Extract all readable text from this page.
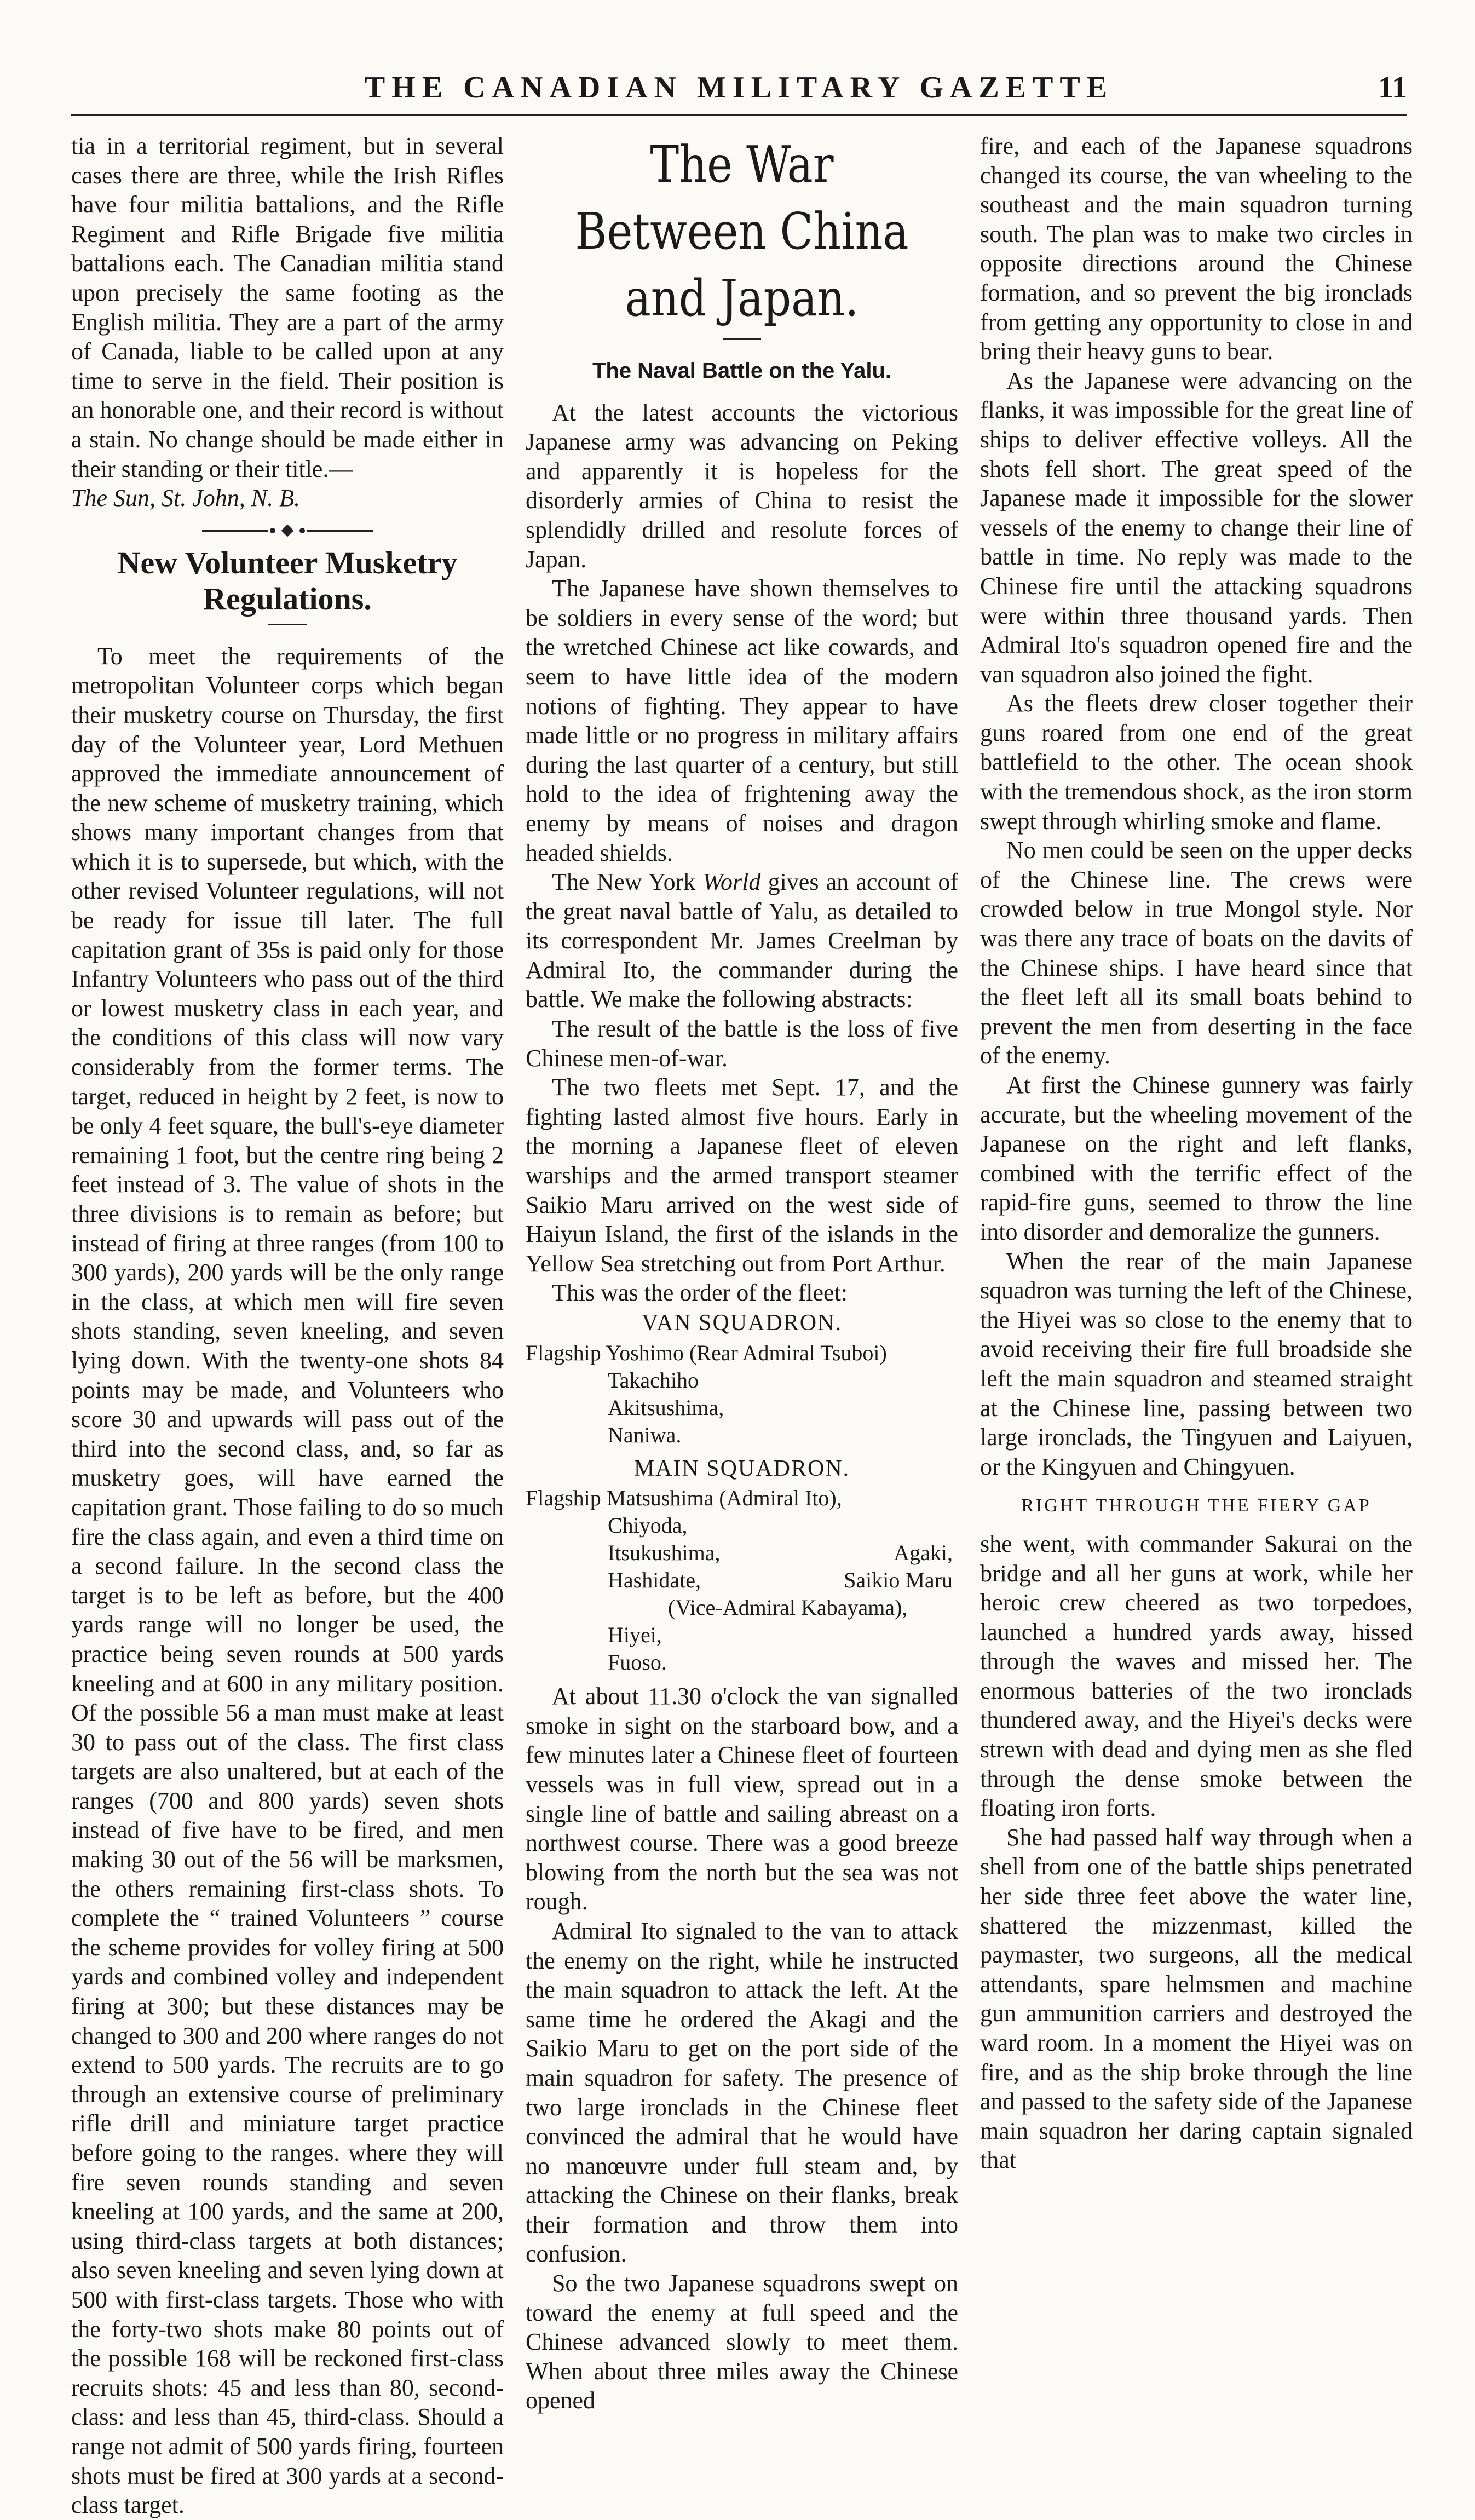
THE CANADIAN MILITARY GAZETTE	11

tia in a territorial regiment, but in several cases there are three, while the Irish Rifles have four militia battalions, and the Rifle Regiment and Rifle Brigade five militia battalions each. The Canadian militia stand upon precisely the same footing as the English militia. They are a part of the army of Canada, liable to be called upon at any time to serve in the field. Their position is an honorable one, and their record is without a stain. No change should be made either in their standing or their title.—

The Sun, St. John, N. B.

New Volunteer Musketry Regulations.

To meet the requirements of the metropolitan Volunteer corps which began their musketry course on Thursday, the first day of the Volunteer year, Lord Methuen approved the immediate announcement of the new scheme of musketry training, which shows many important changes from that which it is to supersede, but which, with the other revised Volunteer regulations, will not be ready for issue till later. The full capitation grant of 35s is paid only for those Infantry Volunteers who pass out of the third or lowest musketry class in each year, and the conditions of this class will now vary considerably from the former terms. The target, reduced in height by 2 feet, is now to be only 4 feet square, the bull's-eye diameter remaining 1 foot, but the centre ring being 2 feet instead of 3. The value of shots in the three divisions is to remain as before; but instead of firing at three ranges (from 100 to 300 yards), 200 yards will be the only range in the class, at which men will fire seven shots standing, seven kneeling, and seven lying down. With the twenty-one shots 84 points may be made, and Volunteers who score 30 and upwards will pass out of the third into the second class, and, so far as musketry goes, will have earned the capitation grant. Those failing to do so much fire the class again, and even a third time on a second failure. In the second class the target is to be left as before, but the 400 yards range will no longer be used, the practice being seven rounds at 500 yards kneeling and at 600 in any military position. Of the possible 56 a man must make at least 30 to pass out of the class. The first class targets are also unaltered, but at each of the ranges (700 and 800 yards) seven shots instead of five have to be fired, and men making 30 out of the 56 will be marksmen, the others remaining first-class shots. To complete the “ trained Volunteers ” course the scheme provides for volley firing at 500 yards and combined volley and independent firing at 300; but these distances may be changed to 300 and 200 where ranges do not extend to 500 yards. The recruits are to go through an extensive course of preliminary rifle drill and miniature target practice before going to the ranges. where they will fire seven rounds standing and seven kneeling at 100 yards, and the same at 200, using third-class targets at both distances; also seven kneeling and seven lying down at 500 with first-class targets. Those who with the forty-two shots make 80 points out of the possible 168 will be reckoned first-class recruits shots: 45 and less than 80, second-class: and less than 45, third-class. Should a range not admit of 500 yards firing, fourteen shots must be fired at 300 yards at a second-class target.

The War Between China and Japan.
The Naval Battle on the Yalu.

At the latest accounts the victorious Japanese army was advancing on Peking and apparently it is hopeless for the disorderly armies of China to resist the splendidly drilled and resolute forces of Japan.

The Japanese have shown themselves to be soldiers in every sense of the word; but the wretched Chinese act like cowards, and seem to have little idea of the modern notions of fighting. They appear to have made little or no progress in military affairs during the last quarter of a century, but still hold to the idea of frightening away the enemy by means of noises and dragon headed shields.

The New York World gives an account of the great naval battle of Yalu, as detailed to its correspondent Mr. James Creelman by Admiral Ito, the commander during the battle. We make the following abstracts:

The result of the battle is the loss of five Chinese men-of-war.

The two fleets met Sept. 17, and the fighting lasted almost five hours. Early in the morning a Japanese fleet of eleven warships and the armed transport steamer Saikio Maru arrived on the west side of Haiyun Island, the first of the islands in the Yellow Sea stretching out from Port Arthur.

This was the order of the fleet:

VAN SQUADRON.
Flagship Yoshimo (Rear Admiral Tsuboi)
Takachiho
Akitsushima,
Naniwa.
MAIN SQUADRON.
Flagship Matsushima (Admiral Ito),
Chiyoda,
Itsukushima,	Agaki,
Hashidate,	Saikio Maru
(Vice-Admiral Kabayama),
Hiyei,
Fuoso.

At about 11.30 o'clock the van signalled smoke in sight on the starboard bow, and a few minutes later a Chinese fleet of fourteen vessels was in full view, spread out in a single line of battle and sailing abreast on a northwest course. There was a good breeze blowing from the north but the sea was not rough.

Admiral Ito signaled to the van to attack the enemy on the right, while he instructed the main squadron to attack the left. At the same time he ordered the Akagi and the Saikio Maru to get on the port side of the main squadron for safety. The presence of two large ironclads in the Chinese fleet convinced the admiral that he would have no manœuvre under full steam and, by attacking the Chinese on their flanks, break their formation and throw them into confusion.

So the two Japanese squadrons swept on toward the enemy at full speed and the Chinese advanced slowly to meet them. When about three miles away the Chinese opened

fire, and each of the Japanese squadrons changed its course, the van wheeling to the southeast and the main squadron turning south. The plan was to make two circles in opposite directions around the Chinese formation, and so prevent the big ironclads from getting any opportunity to close in and bring their heavy guns to bear.

As the Japanese were advancing on the flanks, it was impossible for the great line of ships to deliver effective volleys. All the shots fell short. The great speed of the Japanese made it impossible for the slower vessels of the enemy to change their line of battle in time. No reply was made to the Chinese fire until the attacking squadrons were within three thousand yards. Then Admiral Ito's squadron opened fire and the van squadron also joined the fight.

As the fleets drew closer together their guns roared from one end of the great battlefield to the other. The ocean shook with the tremendous shock, as the iron storm swept through whirling smoke and flame.

No men could be seen on the upper decks of the Chinese line. The crews were crowded below in true Mongol style. Nor was there any trace of boats on the davits of the Chinese ships. I have heard since that the fleet left all its small boats behind to prevent the men from deserting in the face of the enemy.

At first the Chinese gunnery was fairly accurate, but the wheeling movement of the Japanese on the right and left flanks, combined with the terrific effect of the rapid-fire guns, seemed to throw the line into disorder and demoralize the gunners.

When the rear of the main Japanese squadron was turning the left of the Chinese, the Hiyei was so close to the enemy that to avoid receiving their fire full broadside she left the main squadron and steamed straight at the Chinese line, passing between two large ironclads, the Tingyuen and Laiyuen, or the Kingyuen and Chingyuen.

RIGHT THROUGH THE FIERY GAP

she went, with commander Sakurai on the bridge and all her guns at work, while her heroic crew cheered as two torpedoes, launched a hundred yards away, hissed through the waves and missed her. The enormous batteries of the two ironclads thundered away, and the Hiyei's decks were strewn with dead and dying men as she fled through the dense smoke between the floating iron forts.

She had passed half way through when a shell from one of the battle ships penetrated her side three feet above the water line, shattered the mizzenmast, killed the paymaster, two surgeons, all the medical attendants, spare helmsmen and machine gun ammunition carriers and destroyed the ward room. In a moment the Hiyei was on fire, and as the ship broke through the line and passed to the safety side of the Japanese main squadron her daring captain signaled that
